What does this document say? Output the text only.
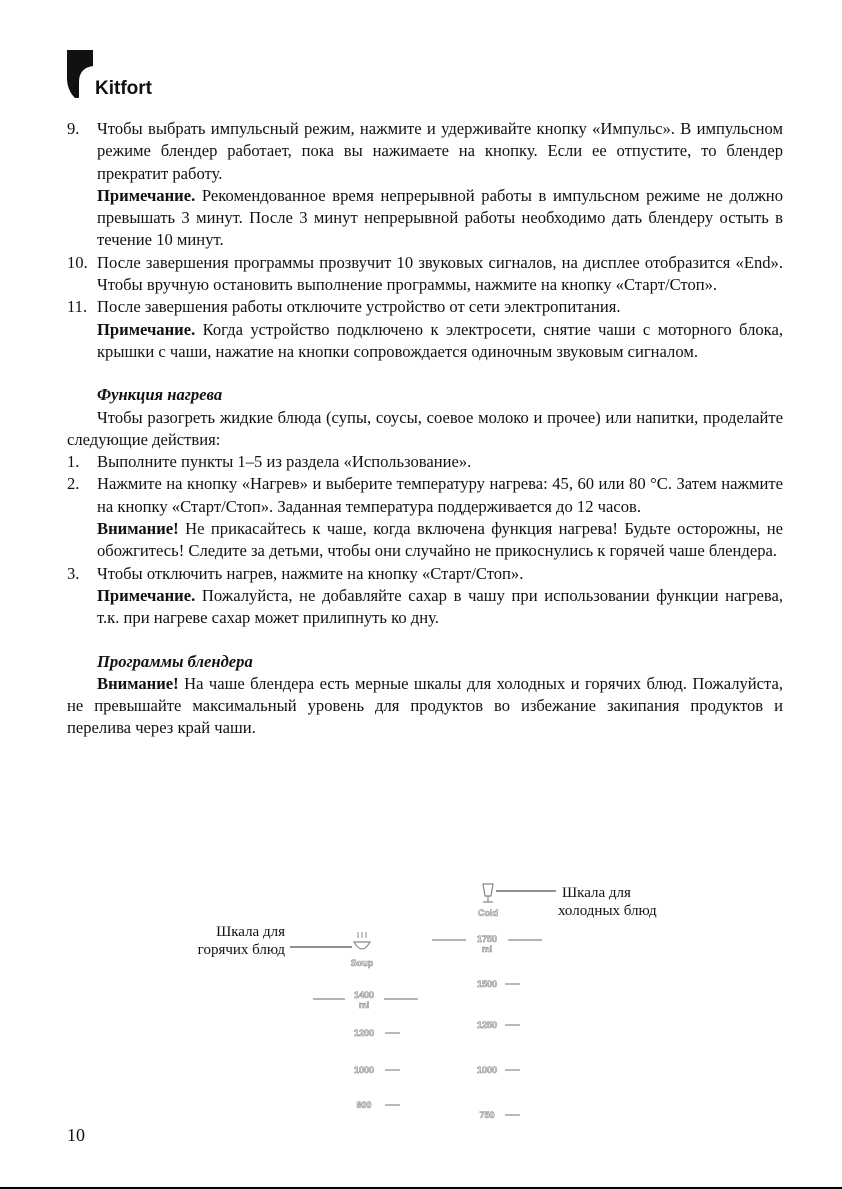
Kitfort
9.	Чтобы выбрать импульсный режим, нажмите и удерживайте кнопку «Импульс». В импульсном режиме блендер работает, пока вы нажимаете на кнопку. Если ее отпустите, то блендер прекратит работу.
Примечание. Рекомендованное время непрерывной работы в импульсном режиме не должно превышать 3 минут. После 3 минут непрерывной работы необходимо дать блендеру остыть в течение 10 минут.
10. После завершения программы прозвучит 10 звуковых сигналов, на дисплее отобразится «End». Чтобы вручную остановить выполнение программы, нажмите на кнопку «Старт/Стоп».
11. После завершения работы отключите устройство от сети электропитания.
Примечание. Когда устройство подключено к электросети, снятие чаши с моторного блока, крышки с чаши, нажатие на кнопки сопровождается одиночным звуковым сигналом.
Функция нагрева
Чтобы разогреть жидкие блюда (супы, соусы, соевое молоко и прочее) или напитки, проделайте следующие действия:
1.	Выполните пункты 1–5 из раздела «Использование».
2.	Нажмите на кнопку «Нагрев» и выберите температуру нагрева: 45, 60 или 80 °C. Затем нажмите на кнопку «Старт/Стоп». Заданная температура поддерживается до 12 часов.
Внимание! Не прикасайтесь к чаше, когда включена функция нагрева! Будьте осторожны, не обожгитесь! Следите за детьми, чтобы они случайно не прикоснулись к горячей чаше блендера.
3.	Чтобы отключить нагрев, нажмите на кнопку «Старт/Стоп».
Примечание. Пожалуйста, не добавляйте сахар в чашу при использовании функции нагрева, т.к. при нагреве сахар может прилипнуть ко дну.
Программы блендера
Внимание! На чаше блендера есть мерные шкалы для холодных и горячих блюд. Пожалуйста, не превышайте максимальный уровень для продуктов во избежание закипания продуктов и перелива через край чаши.
Шкала для
холодных блюд
Cold
Шкала для
горячих блюд
Soup
1750
ml
1500
1250
1000
750
1400
ml
1200
1000
800
10
